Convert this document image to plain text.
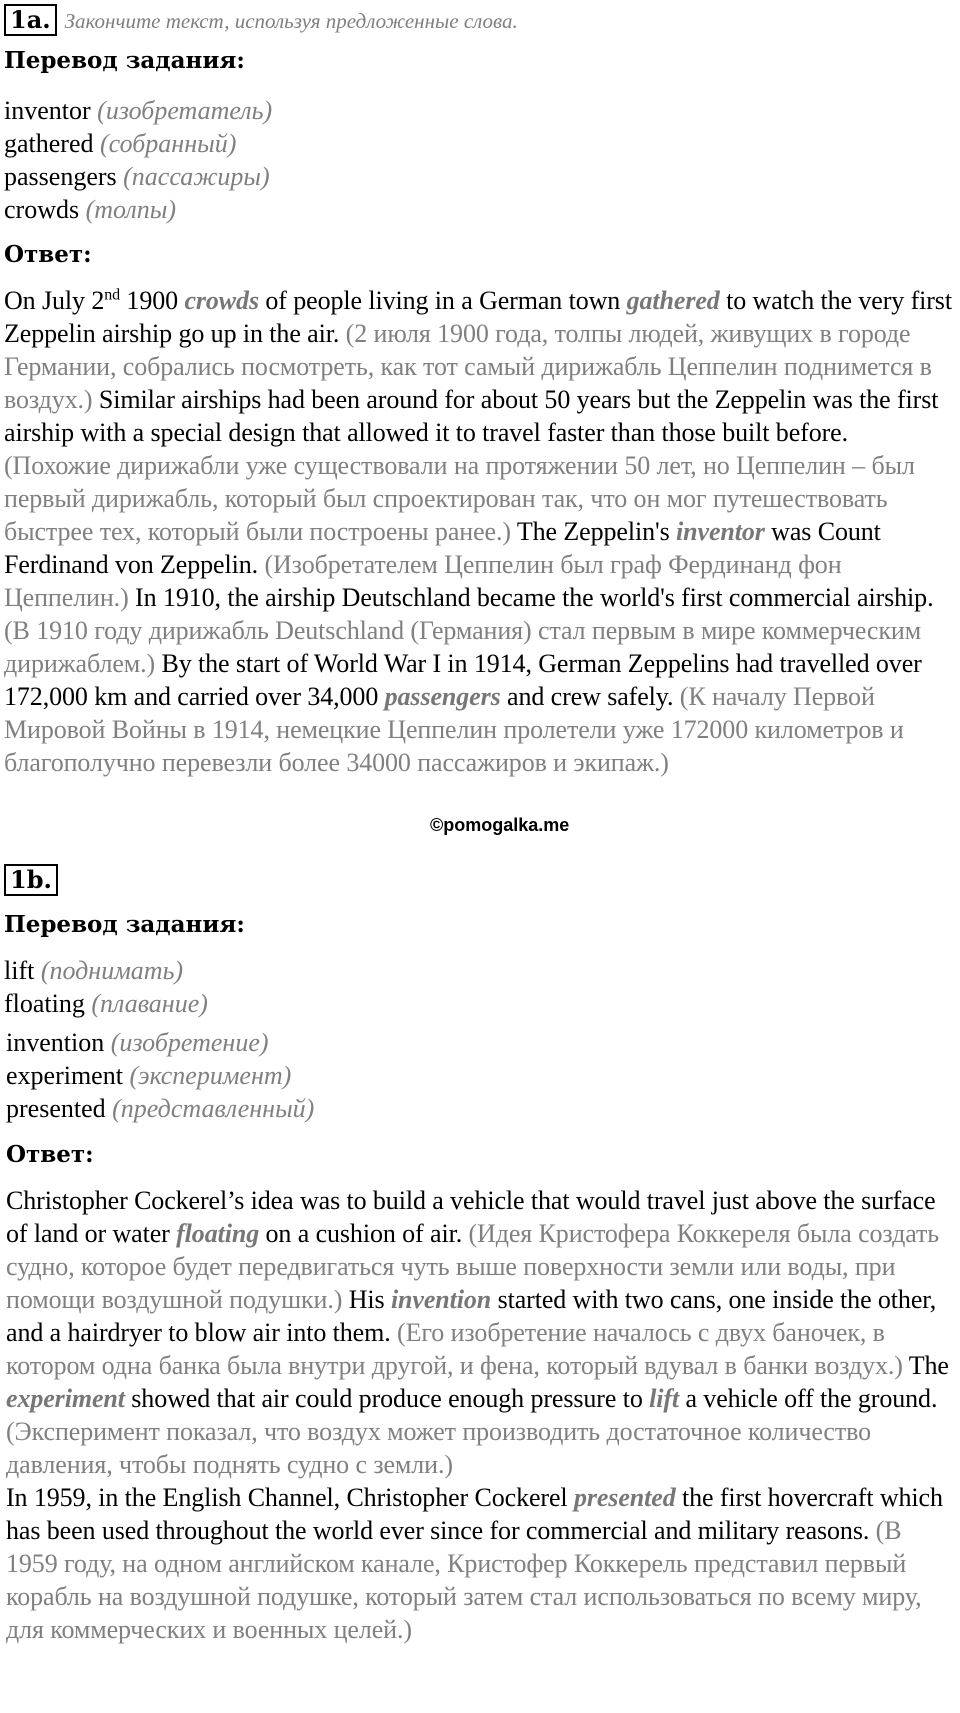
1a. Закончите текст, используя предложенные слова.
Перевод задания:
inventor (изобретатель)
gathered (собранный)
passengers (пассажиры)
crowds (толпы)
Ответ:
On July 2nd 1900 crowds of people living in a German town gathered to watch the very first Zeppelin airship go up in the air. (2 июля 1900 года, толпы людей, живущих в городе Германии, собрались посмотреть, как тот самый дирижабль Цеппелин поднимется в воздух.) Similar airships had been around for about 50 years but the Zeppelin was the first airship with a special design that allowed it to travel faster than those built before. (Похожие дирижабли уже существовали на протяжении 50 лет, но Цеппелин – был первый дирижабль, который был спроектирован так, что он мог путешествовать быстрее тех, который были построены ранее.) The Zeppelin's inventor was Count Ferdinand von Zeppelin. (Изобретателем Цеппелин был граф Фердинанд фон Цеппелин.) In 1910, the airship Deutschland became the world's first commercial airship. (В 1910 году дирижабль Deutschland (Германия) стал первым в мире коммерческим дирижаблем.) By the start of World War I in 1914, German Zeppelins had travelled over 172,000 km and carried over 34,000 passengers and crew safely. (К началу Первой Мировой Войны в 1914, немецкие Цеппелин пролетели уже 172000 километров и благополучно перевезли более 34000 пассажиров и экипаж.)
©pomogalka.me
1b.
Перевод задания:
lift (поднимать)
floating (плавание)
invention (изобретение)
experiment (эксперимент)
presented (представленный)
Ответ:
Christopher Cockerel’s idea was to build a vehicle that would travel just above the surface of land or water floating on a cushion of air. (Идея Кристофера Коккереля была создать судно, которое будет передвигаться чуть выше поверхности земли или воды, при помощи воздушной подушки.) His invention started with two cans, one inside the other, and a hairdryer to blow air into them. (Его изобретение началось с двух баночек, в котором одна банка была внутри другой, и фена, который вдувал в банки воздух.) The experiment showed that air could produce enough pressure to lift a vehicle off the ground. (Эксперимент показал, что воздух может производить достаточное количество давления, чтобы поднять судно с земли.)
In 1959, in the English Channel, Christopher Cockerel presented the first hovercraft which has been used throughout the world ever since for commercial and military reasons. (В 1959 году, на одном английском канале, Кристофер Коккерель представил первый корабль на воздушной подушке, который затем стал использоваться по всему миру, для коммерческих и военных целей.)
